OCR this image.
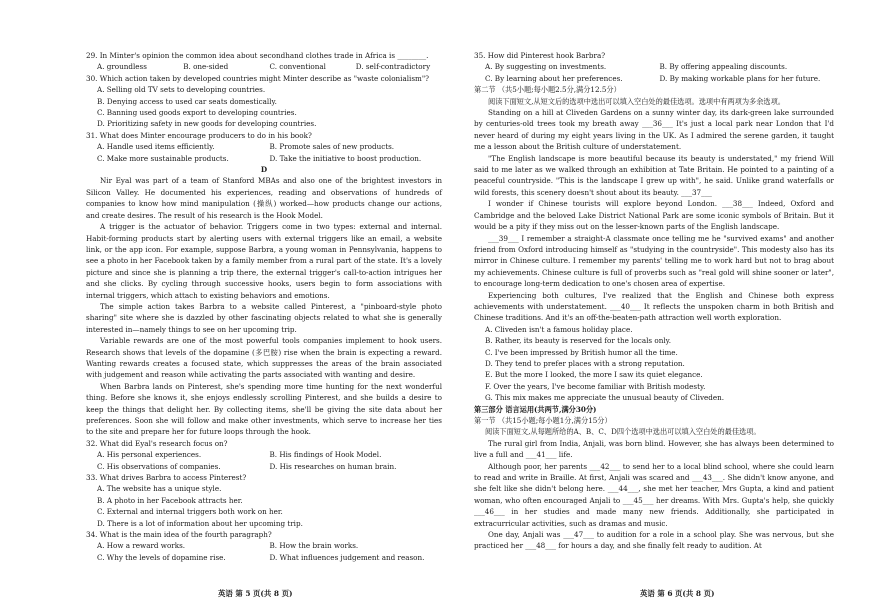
29. In Minter's opinion the common idea about secondhand clothes trade in Africa is ________.
A. groundless	B. one-sided	C. conventional	D. self-contradictory
30. Which action taken by developed countries might Minter describe as "waste colonialism"?
A. Selling old TV sets to developing countries.
B. Denying access to used car seats domestically.
C. Banning used goods export to developing countries.
D. Prioritizing safety in new goods for developing countries.
31. What does Minter encourage producers to do in his book?
A. Handle used items efficiently.	B. Promote sales of new products.
C. Make more sustainable products.	D. Take the initiative to boost production.
D
Nir Eyal was part of a team of Stanford MBAs and also one of the brightest investors in Silicon Valley. He documented his experiences, reading and observations of hundreds of companies to know how mind manipulation (操纵) worked—how products change our actions, and create desires. The result of his research is the Hook Model.
A trigger is the actuator of behavior. Triggers come in two types: external and internal. Habit-forming products start by alerting users with external triggers like an email, a website link, or the app icon. For example, suppose Barbra, a young woman in Pennsylvania, happens to see a photo in her Facebook taken by a family member from a rural part of the state. It's a lovely picture and since she is planning a trip there, the external trigger's call-to-action intrigues her and she clicks. By cycling through successive hooks, users begin to form associations with internal triggers, which attach to existing behaviors and emotions.
The simple action takes Barbra to a website called Pinterest, a "pinboard-style photo sharing" site where she is dazzled by other fascinating objects related to what she is generally interested in—namely things to see on her upcoming trip.
Variable rewards are one of the most powerful tools companies implement to hook users. Research shows that levels of the dopamine (多巴胺) rise when the brain is expecting a reward. Wanting rewards creates a focused state, which suppresses the areas of the brain associated with judgement and reason while activating the parts associated with wanting and desire.
When Barbra lands on Pinterest, she's spending more time hunting for the next wonderful thing. Before she knows it, she enjoys endlessly scrolling Pinterest, and she builds a desire to keep the things that delight her. By collecting items, she'll be giving the site data about her preferences. Soon she will follow and make other investments, which serve to increase her ties to the site and prepare her for future loops through the hook.
32. What did Eyal's research focus on?
A. His personal experiences.	B. His findings of Hook Model.
C. His observations of companies.	D. His researches on human brain.
33. What drives Barbra to access Pinterest?
A. The website has a unique style.
B. A photo in her Facebook attracts her.
C. External and internal triggers both work on her.
D. There is a lot of information about her upcoming trip.
34. What is the main idea of the fourth paragraph?
A. How a reward works.	B. How the brain works.
C. Why the levels of dopamine rise.	D. What influences judgement and reason.
35. How did Pinterest hook Barbra?
A. By suggesting on investments.	B. By offering appealing discounts.
C. By learning about her preferences.	D. By making workable plans for her future.
第二节 （共5小题;每小题2.5分,满分12.5分）
阅读下面短文,从短文后的选项中选出可以填入空白处的最佳选项。选项中有两项为多余选项。
Standing on a hill at Cliveden Gardens on a sunny winter day, its dark-green lake surrounded by centuries-old trees took my breath away ___36___ It's just a local park near London that I'd never heard of during my eight years living in the UK. As I admired the serene garden, it taught me a lesson about the British culture of understatement.
"The English landscape is more beautiful because its beauty is understated," my friend Will said to me later as we walked through an exhibition at Tate Britain. He pointed to a painting of a peaceful countryside. "This is the landscape I grew up with", he said. Unlike grand waterfalls or wild forests, this scenery doesn't shout about its beauty. ___37___
I wonder if Chinese tourists will explore beyond London. ___38___ Indeed, Oxford and Cambridge and the beloved Lake District National Park are some iconic symbols of Britain. But it would be a pity if they miss out on the lesser-known parts of the English landscape.
___39___ I remember a straight-A classmate once telling me he "survived exams" and another friend from Oxford introducing himself as "studying in the countryside". This modesty also has its mirror in Chinese culture. I remember my parents' telling me to work hard but not to brag about my achievements. Chinese culture is full of proverbs such as "real gold will shine sooner or later", to encourage long-term dedication to one's chosen area of expertise.
Experiencing both cultures, I've realized that the English and Chinese both express achievements with understatement. ___40___ It reflects the unspoken charm in both British and Chinese traditions. And it's an off-the-beaten-path attraction well worth exploration.
A. Cliveden isn't a famous holiday place.
B. Rather, its beauty is reserved for the locals only.
C. I've been impressed by British humor all the time.
D. They tend to prefer places with a strong reputation.
E. But the more I looked, the more I saw its quiet elegance.
F. Over the years, I've become familiar with British modesty.
G. This mix makes me appreciate the unusual beauty of Cliveden.
第三部分 语言运用(共两节,满分30分)
第一节 （共15小题;每小题1分,满分15分）
阅读下面短文,从每题所给的A、B、C、D四个选项中选出可以填入空白处的最佳选项。
The rural girl from India, Anjali, was born blind. However, she has always been determined to live a full and ___41___ life.
Although poor, her parents ___42___ to send her to a local blind school, where she could learn to read and write in Braille. At first, Anjali was scared and ___43___. She didn't know anyone, and she felt like she didn't belong here. ___44___, she met her teacher, Mrs Gupta, a kind and patient woman, who often encouraged Anjali to ___45___ her dreams. With Mrs. Gupta's help, she quickly ___46___ in her studies and made many new friends. Additionally, she participated in extracurricular activities, such as dramas and music.
One day, Anjali was ___47___ to audition for a role in a school play. She was nervous, but she practiced her ___48___ for hours a day, and she finally felt ready to audition. At
英语 第 5 页(共 8 页)	英语 第 6 页(共 8 页)
